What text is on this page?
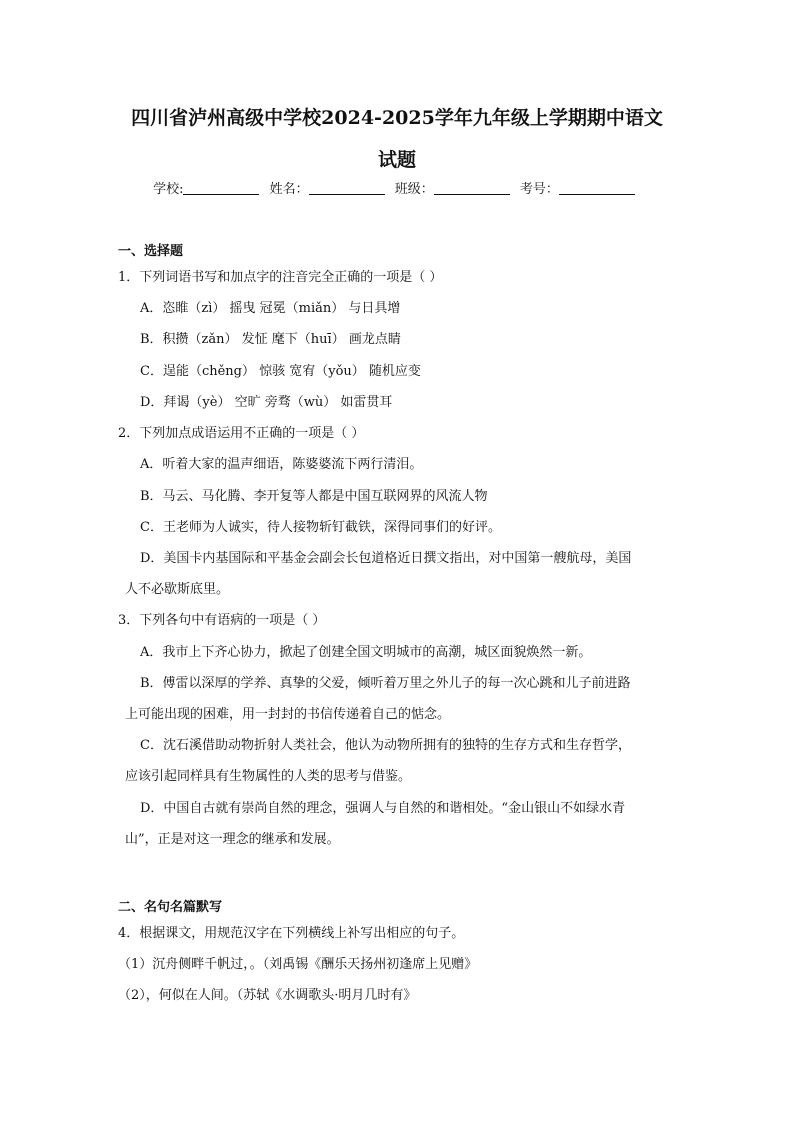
四川省泸州高级中学校2024-2025学年九年级上学期期中语文
试题
学校:	姓名：	班级：	考号：
一、选择题
1．下列词语书写和加点字的注音完全正确的一项是（ ）
A．恣睢（zì） 摇曳 冠冕（miǎn） 与日具增
B．积攒（zǎn） 发怔 麾下（huī） 画龙点睛
C．逞能（chěng） 惊骇 宽宥（yǒu） 随机应变
D．拜谒（yè） 空旷 旁骛（wù） 如雷贯耳
2．下列加点成语运用不正确的一项是（ ）
A．听着大家的温声细语，陈婆婆流下两行清泪。
B．马云、马化腾、李开复等人都是中国互联网界的风流人物
C．王老师为人诚实，待人接物斩钉截铁，深得同事们的好评。
D．美国卡内基国际和平基金会副会长包道格近日撰文指出，对中国第一艘航母，美国
人不必歇斯底里。
3．下列各句中有语病的一项是（ ）
A．我市上下齐心协力，掀起了创建全国文明城市的高潮，城区面貌焕然一新。
B．傅雷以深厚的学养、真挚的父爱，倾听着万里之外儿子的每一次心跳和儿子前进路
上可能出现的困难，用一封封的书信传递着自己的惦念。
C．沈石溪借助动物折射人类社会，他认为动物所拥有的独特的生存方式和生存哲学，
应该引起同样具有生物属性的人类的思考与借鉴。
D．中国自古就有崇尚自然的理念，强调人与自然的和谐相处。“金山银山不如绿水青
山”，正是对这一理念的继承和发展。
二、名句名篇默写
4．根据课文，用规范汉字在下列横线上补写出相应的句子。
（1）沉舟侧畔千帆过，。（刘禹锡《酬乐天扬州初逢席上见赠》
（2），何似在人间。（苏轼《水调歌头·明月几时有》
